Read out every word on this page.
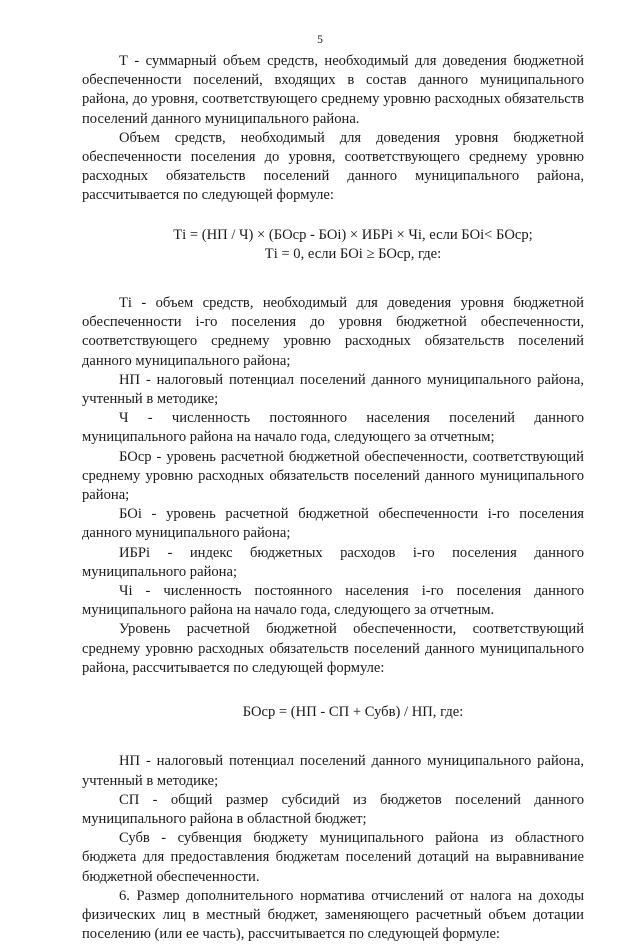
5

Т - суммарный объем средств, необходимый для доведения бюджетной обеспеченности поселений, входящих в состав данного муниципального района, до уровня, соответствующего среднему уровню расходных обязательств поселений данного муниципального района.

Объем средств, необходимый для доведения уровня бюджетной обеспеченности поселения до уровня, соответствующего среднему уровню расходных обязательств поселений данного муниципального района, рассчитывается по следующей формуле:

Тi = (НП / Ч) × (БОср - БОi) × ИБРi × Чi, если БОi< БОср;

Тi = 0, если БОi ≥ БОср, где:

Тi - объем средств, необходимый для доведения уровня бюджетной обеспеченности i-го поселения до уровня бюджетной обеспеченности, соответствующего среднему уровню расходных обязательств поселений данного муниципального района;

НП - налоговый потенциал поселений данного муниципального района, учтенный в методике;

Ч - численность постоянного населения поселений данного муниципального района на начало года, следующего за отчетным;

БОср - уровень расчетной бюджетной обеспеченности, соответствующий среднему уровню расходных обязательств поселений данного муниципального района;

БОi - уровень расчетной бюджетной обеспеченности i-го поселения данного муниципального района;

ИБРi - индекс бюджетных расходов i-го поселения данного муниципального района;

Чi - численность постоянного населения i-го поселения данного муниципального района на начало года, следующего за отчетным.

Уровень расчетной бюджетной обеспеченности, соответствующий среднему уровню расходных обязательств поселений данного муниципального района, рассчитывается по следующей формуле:

БОср = (НП - СП + Субв) / НП, где:

НП - налоговый потенциал поселений данного муниципального района, учтенный в методике;

СП - общий размер субсидий из бюджетов поселений данного муниципального района в областной бюджет;

Субв - субвенция бюджету муниципального района из областного бюджета для предоставления бюджетам поселений дотаций на выравнивание бюджетной обеспеченности.

6. Размер дополнительного норматива отчислений от налога на доходы физических лиц в местный бюджет, заменяющего расчетный объем дотации поселению (или ее часть), рассчитывается по следующей формуле:
